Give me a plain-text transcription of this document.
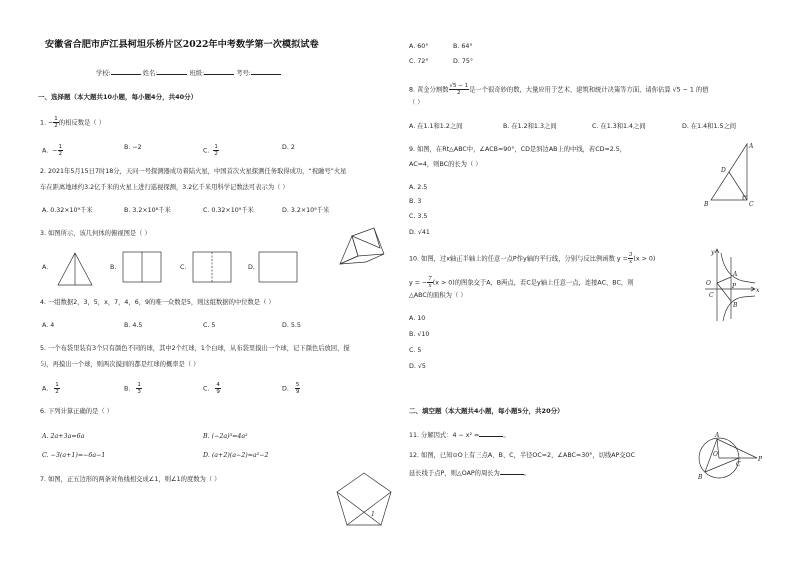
安徽省合肥市庐江县柯坦乐桥片区2022年中考数学第一次模拟试卷
学校:	姓名:	班级:	考号:
一、选择题（本大题共10小题，每小题4分，共40分）
1. − $\frac{1}{2}$ 的相反数是（ ）
A. − $\frac{1}{2}$	B. −2	C. $\frac{1}{2}$	D. 2
2. 2021年5月15日7时18分，天问一号探测器成功着陆火星，中国首次火星探测任务取得成功，“祝融号”火星
车在距离地球约3.2亿千米的火星上进行巡视探测，3.2亿千米用科学记数法可表示为（ ）
A. 0.32×10⁹千米	B. 3.2×10⁸千米	C. 0.32×10⁹千米	D. 3.2×10⁹千米
3. 如图所示，该几何体的俯视图是（ ）
A.	B.	C.	D.
4. 一组数据2，3，5，x，7，4，6，9的唯一众数是5，则这组数据的中位数是（ ）
A. 4	B. 4.5	C. 5	D. 5.5
5. 一个布袋里装有3个只有颜色不同的球，其中2个红球，1个白球，从布袋里摸出一个球，记下颜色后放回，搅
匀，再摸出一个球，则两次摸到的都是红球的概率是（ ）
A. $\frac{1}{2}$	B. $\frac{1}{3}$	C. $\frac{4}{9}$	D. $\frac{5}{9}$
6. 下列计算正确的是（ ）
A. 2a+3a=6a	B. (−2a)³=4a²
C. −3(a+1)=−6a−1	D. (a+2)(a−2)=a²−2
7. 如图，正五边形的两条对角线相交成∠1，则∠1的度数为（ ）
1
A. 60°	B. 64°
C. 72°	D. 75°
8. 黄金分割数 $\frac{√5 - 1}{2}$ 是一个很奇妙的数，大量应用于艺术、建筑和统计决策等方面，请你估算 √5 − 1 的值
（ ）
A. 在1.1和1.2之间	B. 在1.2和1.3之间	C. 在1.3和1.4之间	D. 在1.4和1.5之间
9. 如图，在Rt△ABC中，∠ACB=90°，CD是斜边AB上的中线，若CD=2.5，
AC=4，则BC的长为（ ）
A. 2.5
B. 3
C. 3.5
D. √41
A
B	C
D
10. 如图，过x轴正半轴上的任意一点P作y轴的平行线，分别与反比例函数 $y = \frac{3}{x} (x > 0)$
y = − $\frac{7}{x} (x > 0)$的图象交于A，B两点，若C是y轴上任意一点，连接AC、BC，则
△ABC的面积为（ ）
A. 10
B. √10
C. 5
D. √5
y
x
O
A
B
C
P
二、填空题（本大题共4小题，每小题5分，共20分）
11. 分解因式：4 − x² =	。
12. 如图，已知⊙O上有三点A、B、C，半径OC=2，∠ABC=30°，切线AP交OC
延长线于点P，则△OAP的周长为	。
A
B
C
O
P
